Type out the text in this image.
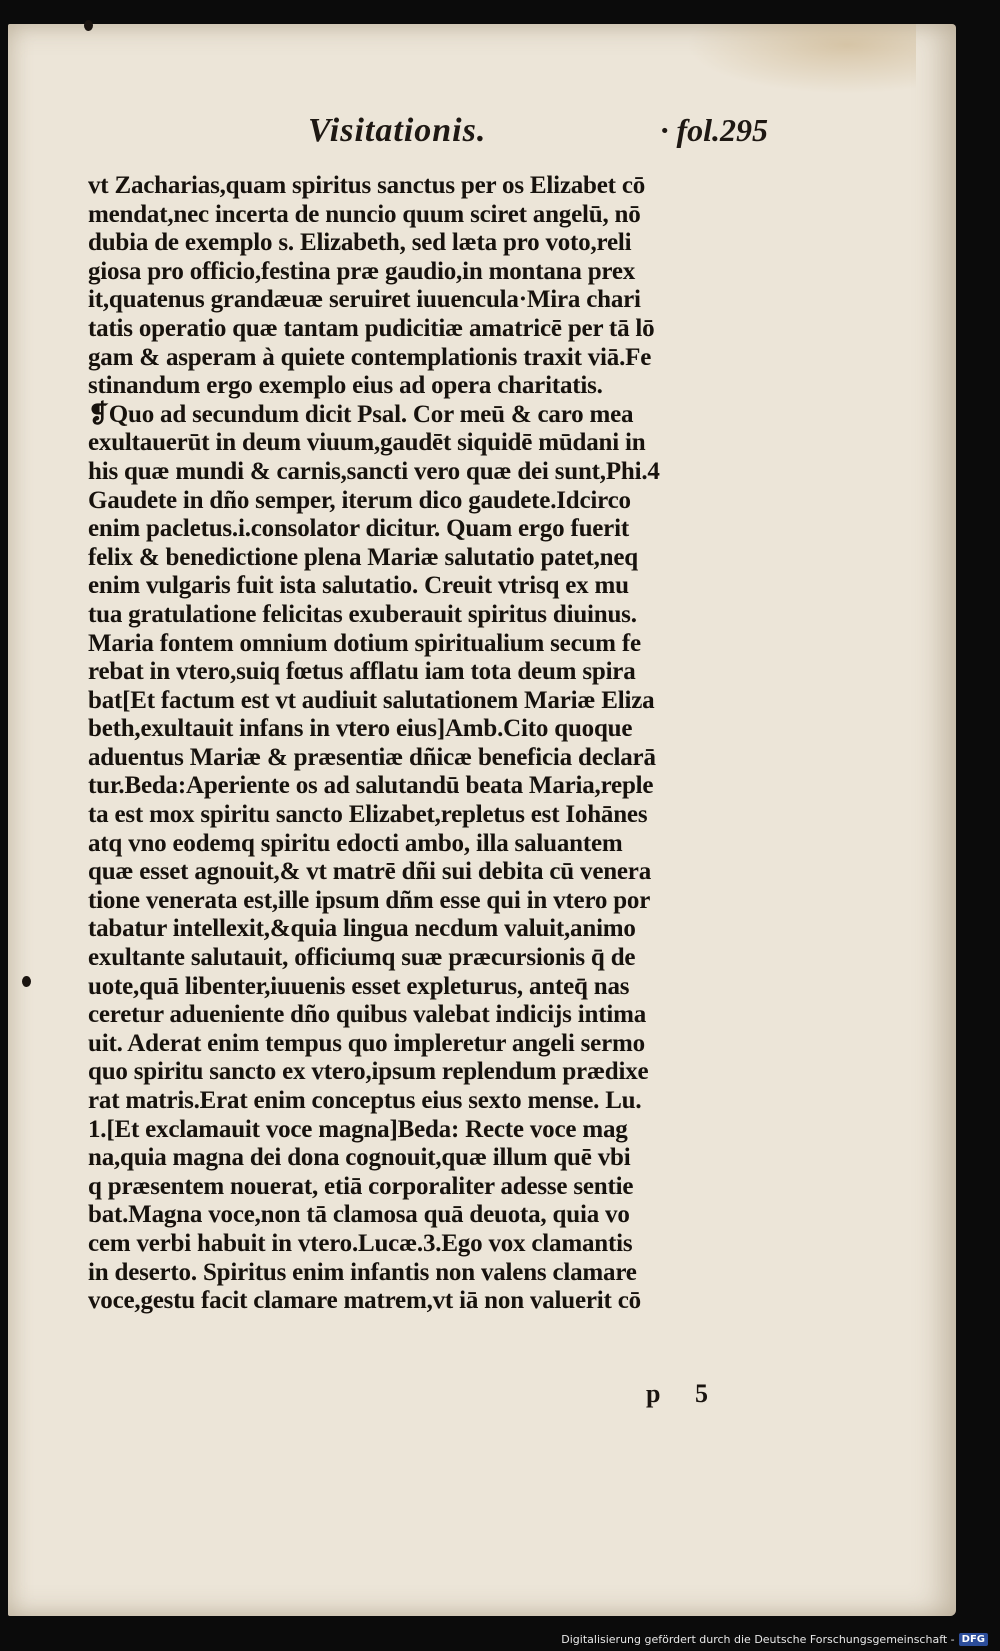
Visitationis.	· fol.295
vt Zacharias,quam spiritus sanctus per os Elizabet cō
mendat,nec incerta de nuncio quum sciret angelū, nō
dubia de exemplo s. Elizabeth, sed læta pro voto,reli
giosa pro officio,festina præ gaudio,in montana prex
it,quatenus grandæuæ seruiret iuuencula·Mira chari
tatis operatio quæ tantam pudicitiæ amatricē per tā lō
gam & asperam à quiete contemplationis traxit viā.Fe
stinandum ergo exemplo eius ad opera charitatis.
❡Quo ad secundum dicit Psal. Cor meū & caro mea
exultauerūt in deum viuum,gaudēt siquidē mūdani in
his quæ mundi & carnis,sancti vero quæ dei sunt,Phi.4
Gaudete in dño semper, iterum dico gaudete.Idcirco
enim pacletus.i.consolator dicitur. Quam ergo fuerit
felix & benedictione plena Mariæ salutatio patet,neq
enim vulgaris fuit ista salutatio. Creuit vtrisq ex mu
tua gratulatione felicitas exuberauit spiritus diuinus.
Maria fontem omnium dotium spiritualium secum fe
rebat in vtero,suiq fœtus afflatu iam tota deum spira
bat[Et factum est vt audiuit salutationem Mariæ Eliza
beth,exultauit infans in vtero eius]Amb.Cito quoque
aduentus Mariæ & præsentiæ dñicæ beneficia declarā
tur.Beda:Aperiente os ad salutandū beata Maria,reple
ta est mox spiritu sancto Elizabet,repletus est Iohānes
atq vno eodemq spiritu edocti ambo, illa saluantem
quæ esset agnouit,& vt matrē dñi sui debita cū venera
tione venerata est,ille ipsum dñm esse qui in vtero por
tabatur intellexit,&quia lingua necdum valuit,animo
exultante salutauit, officiumq suæ præcursionis q̄ de
uote,quā libenter,iuuenis esset expleturus, anteq̄ nas
ceretur adueniente dño quibus valebat indicijs intima
uit. Aderat enim tempus quo impleretur angeli sermo
quo spiritu sancto ex vtero,ipsum replendum prædixe
rat matris.Erat enim conceptus eius sexto mense. Lu.
1.[Et exclamauit voce magna]Beda: Recte voce mag
na,quia magna dei dona cognouit,quæ illum quē vbi
q præsentem nouerat, etiā corporaliter adesse sentie
bat.Magna voce,non tā clamosa quā deuota, quia vo
cem verbi habuit in vtero.Lucæ.3.Ego vox clamantis
in deserto. Spiritus enim infantis non valens clamare
voce,gestu facit clamare matrem,vt iā non valuerit cō
p 5
Digitalisierung gefördert durch die Deutsche Forschungsgemeinschaft - DFG
